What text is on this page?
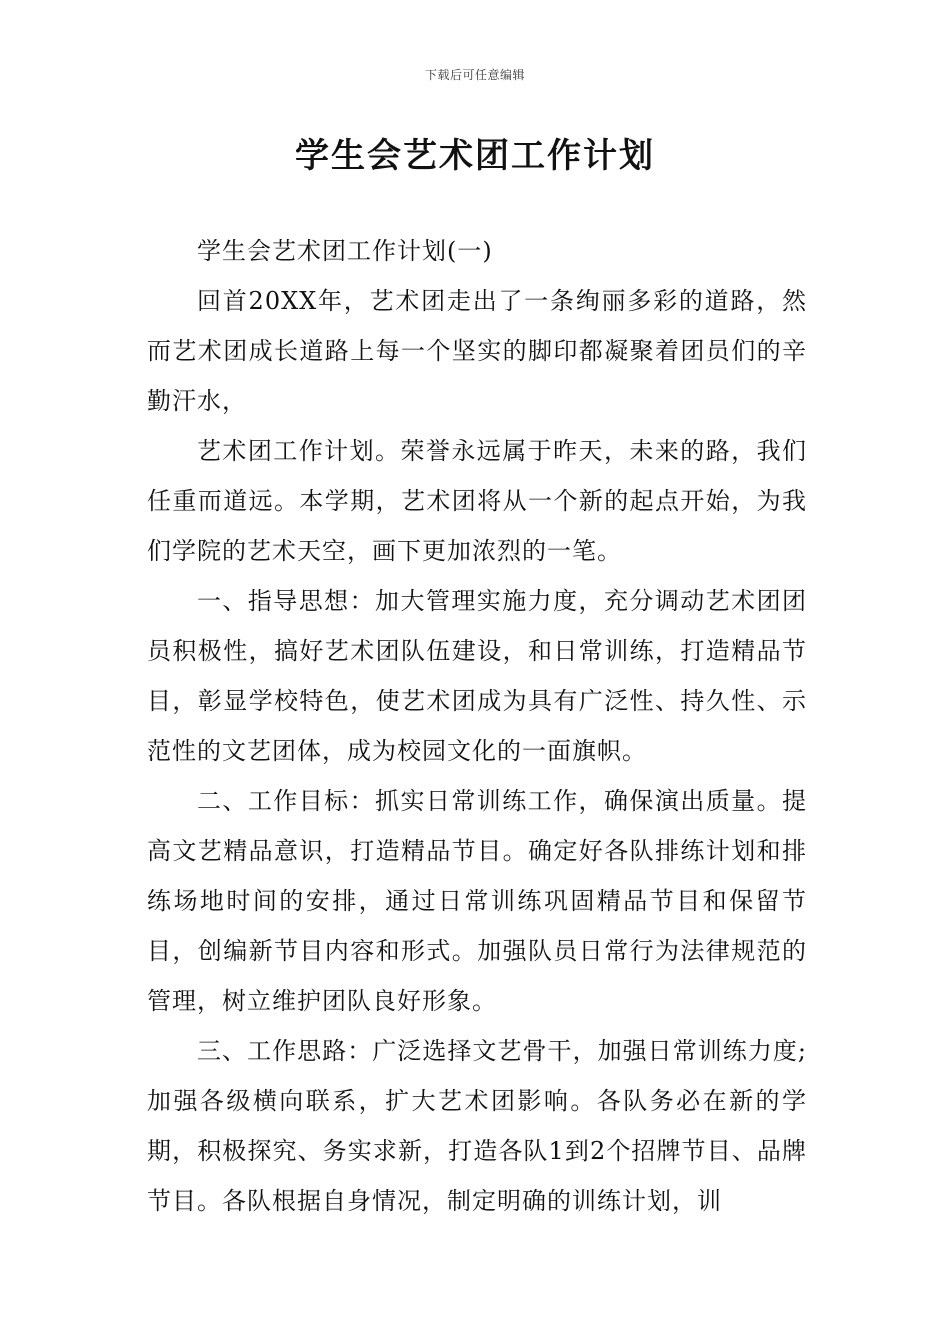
下载后可任意编辑
学生会艺术团工作计划

学生会艺术团工作计划(一)

回首20XX年，艺术团走出了一条绚丽多彩的道路，然而艺术团成长道路上每一个坚实的脚印都凝聚着团员们的辛勤汗水，

艺术团工作计划。荣誉永远属于昨天，未来的路，我们任重而道远。本学期，艺术团将从一个新的起点开始，为我们学院的艺术天空，画下更加浓烈的一笔。

一、指导思想：加大管理实施力度，充分调动艺术团团员积极性，搞好艺术团队伍建设，和日常训练，打造精品节目，彰显学校特色，使艺术团成为具有广泛性、持久性、示范性的文艺团体，成为校园文化的一面旗帜。

二、工作目标：抓实日常训练工作，确保演出质量。提高文艺精品意识，打造精品节目。确定好各队排练计划和排练场地时间的安排，通过日常训练巩固精品节目和保留节目，创编新节目内容和形式。加强队员日常行为法律规范的管理，树立维护团队良好形象。

三、工作思路：广泛选择文艺骨干，加强日常训练力度;加强各级横向联系，扩大艺术团影响。各队务必在新的学期，积极探究、务实求新，打造各队1到2个招牌节目、品牌节目。各队根据自身情况，制定明确的训练计划，训
